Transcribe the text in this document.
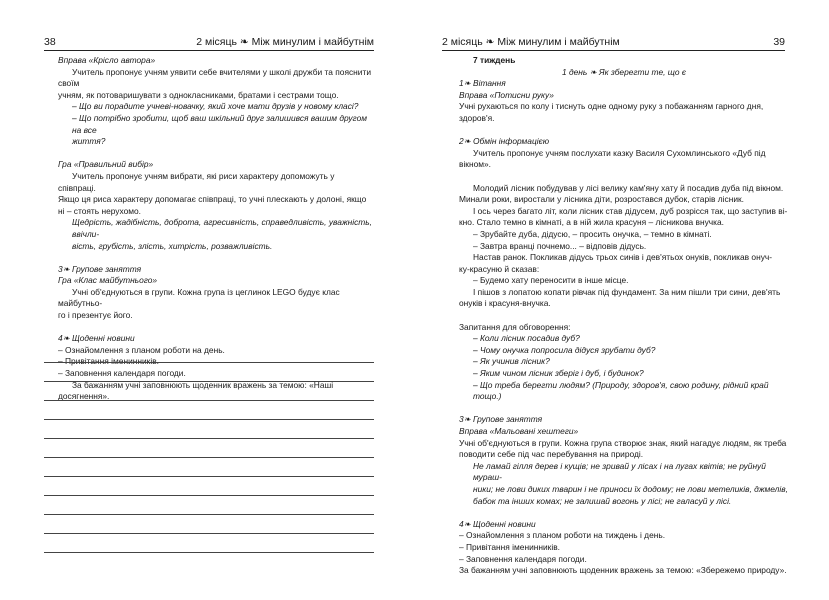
38	2 місяць ❧ Між минулим і майбутнім

Вправа «Крісло автора»

Учитель пропонує учням уявити себе вчителями у школі дружби та пояснити своїм

учням, як потоваришувати з однокласниками, братами і сестрами тощо.

– Що ви порадите учневі-новачку, який хоче мати друзів у новому класі?

– Що потрібно зробити, щоб ваш шкільний друг залишився вашим другом на все

життя?

Гра «Правильний вибір»

Учитель пропонує учням вибрати, які риси характеру допоможуть у співпраці.

Якщо ця риса характеру допомагає співпраці, то учні плескають у долоні, якщо

ні – стоять нерухомо.

Щедрість, жадібність, доброта, агресивність, справедливість, уважність, ввічли-

вість, грубість, злість, хитрість, розважливість.

3❧ Групове заняття

Гра «Клас майбутнього»

Учні об'єднуються в групи. Кожна група із цеглинок LEGO будує клас майбутньо-

го і презентує його.

4❧ Щоденні новини

– Ознайомлення з планом роботи на день.

– Привітання іменинників.

– Заповнення календаря погоди.

За бажанням учні заповнюють щоденник вражень за темою: «Наші досягнення».

2 місяць ❧ Між минулим і майбутнім	39

7 тиждень

1 день ❧ Як зберегти те, що є

1❧ Вітання

Вправа «Потисни руку»

Учні рухаються по колу і тиснуть одне одному руку з побажанням гарного дня, здоров'я.

2❧ Обмін інформацією

Учитель пропонує учням послухати казку Василя Сухомлинського «Дуб під вікном».

Молодий лісник побудував у лісі велику кам'яну хату й посадив дуба під вікном.

Минали роки, виростали у лісника діти, розростався дубок, старів лісник.

І ось через багато літ, коли лісник став дідусем, дуб розрісся так, що заступив ві-

кно. Стало темно в кімнаті, а в ній жила красуня – лісникова внучка.

– Зрубайте дуба, дідусю, – просить онучка, – темно в кімнаті.

– Завтра вранці почнемо... – відповів дідусь.

Настав ранок. Покликав дідусь трьох синів і дев'ятьох онуків, покликав онуч-

ку-красуню й сказав:

– Будемо хату переносити в інше місце.

І пішов з лопатою копати рівчак під фундамент. За ним пішли три сини, дев'ять

онуків і красуня-внучка.

Запитання для обговорення:

– Коли лісник посадив дуб?

– Чому онучка попросила дідуся зрубати дуб?

– Як учинив лісник?

– Яким чином лісник зберіг і дуб, і будинок?

– Що треба берегти людям? (Природу, здоров'я, свою родину, рідний край тощо.)

3❧ Групове заняття

Вправа «Мальовані хештеги»

Учні об'єднуються в групи. Кожна група створює знак, який нагадує людям, як треба

поводити себе під час перебування на природі.

Не ламай гілля дерев і кущів; не зривай у лісах і на лугах квітів; не руйнуй мураш-

ники; не лови диких тварин і не приноси їх додому; не лови метеликів, джмелів,

бабок та інших комах; не залишай вогонь у лісі; не галасуй у лісі.

4❧ Щоденні новини

– Ознайомлення з планом роботи на тиждень і день.

– Привітання іменинників.

– Заповнення календаря погоди.

За бажанням учні заповнюють щоденник вражень за темою: «Збережемо природу».
